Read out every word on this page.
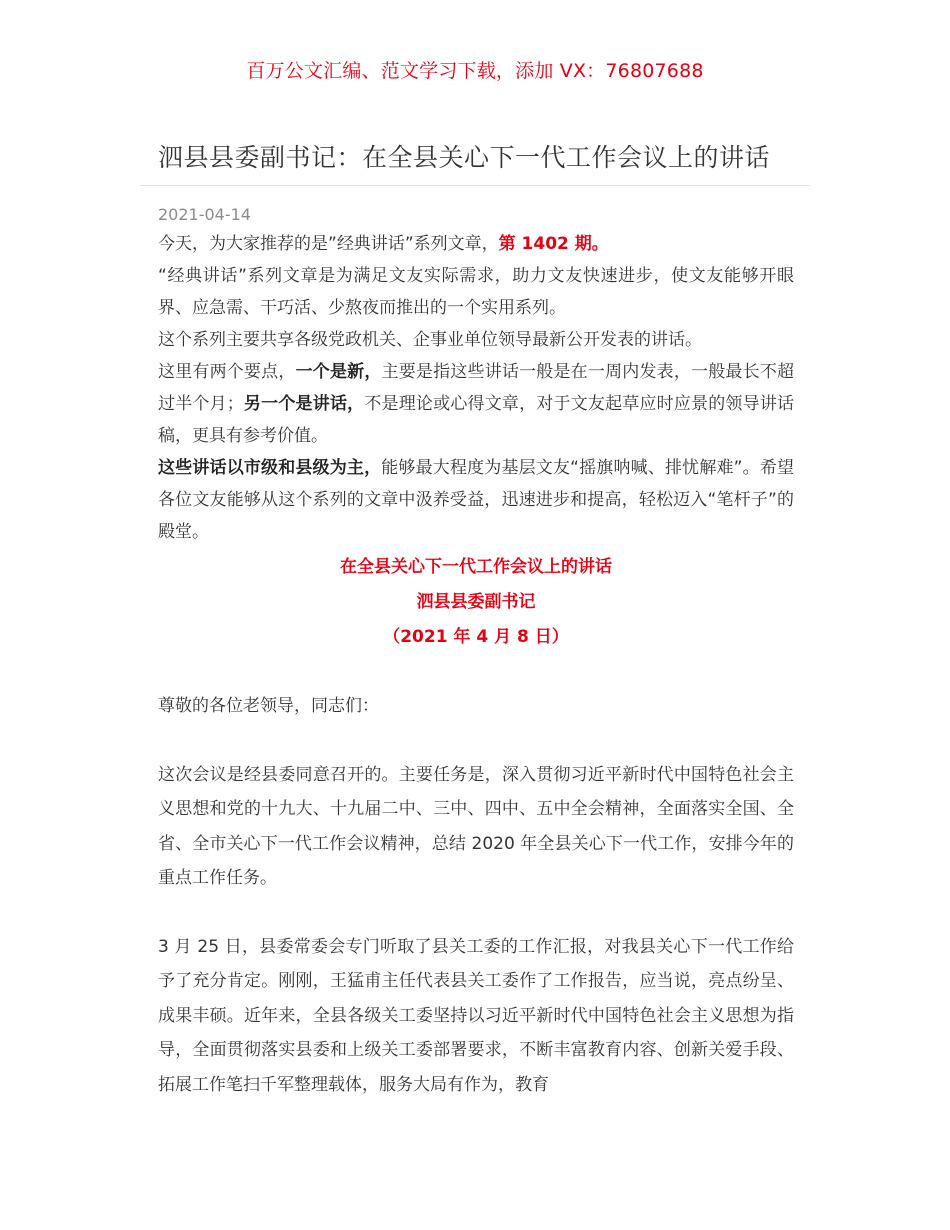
百万公文汇编、范文学习下载，添加 VX：76807688
泗县县委副书记：在全县关心下一代工作会议上的讲话
2021-04-14

今天，为大家推荐的是”经典讲话”系列文章，第 1402 期。

“经典讲话”系列文章是为满足文友实际需求，助力文友快速进步，使文友能够开眼界、应急需、干巧活、少熬夜而推出的一个实用系列。

这个系列主要共享各级党政机关、企事业单位领导最新公开发表的讲话。

这里有两个要点，一个是新，主要是指这些讲话一般是在一周内发表，一般最长不超过半个月；另一个是讲话，不是理论或心得文章，对于文友起草应时应景的领导讲话稿，更具有参考价值。

这些讲话以市级和县级为主，能够最大程度为基层文友“摇旗呐喊、排忧解难”。希望各位文友能够从这个系列的文章中汲养受益，迅速进步和提高，轻松迈入“笔杆子”的殿堂。

在全县关心下一代工作会议上的讲话
泗县县委副书记
（2021 年 4 月 8 日）

尊敬的各位老领导，同志们：

这次会议是经县委同意召开的。主要任务是，深入贯彻习近平新时代中国特色社会主义思想和党的十九大、十九届二中、三中、四中、五中全会精神，全面落实全国、全省、全市关心下一代工作会议精神，总结 2020 年全县关心下一代工作，安排今年的重点工作任务。

3 月 25 日，县委常委会专门听取了县关工委的工作汇报，对我县关心下一代工作给予了充分肯定。刚刚，王猛甫主任代表县关工委作了工作报告，应当说，亮点纷呈、成果丰硕。近年来，全县各级关工委坚持以习近平新时代中国特色社会主义思想为指导，全面贯彻落实县委和上级关工委部署要求，不断丰富教育内容、创新关爱手段、拓展工作笔扫千军整理载体，服务大局有作为，教育
